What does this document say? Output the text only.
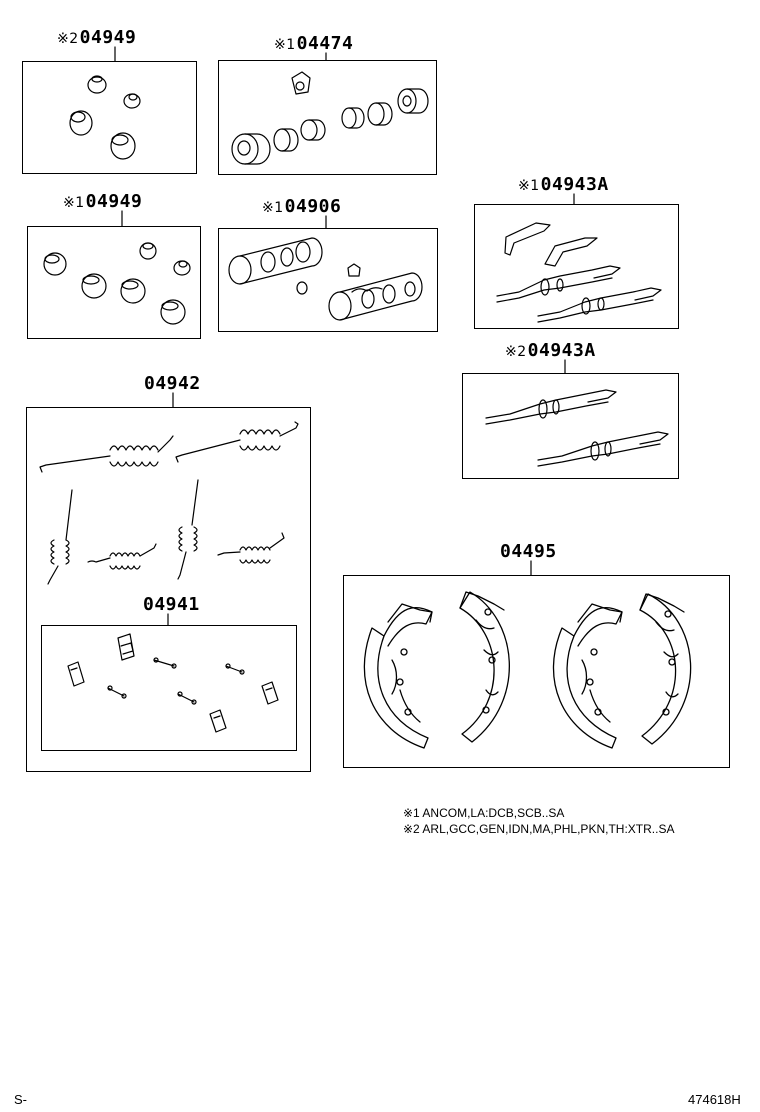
※204949	※104474
※104949	※104906
※104943A
※204943A
04942
04941
04495
※1 ANCOM,LA:DCB,SCB..SA
※2 ARL,GCC,GEN,IDN,MA,PHL,PKN,TH:XTR..SA
S-	474618H
